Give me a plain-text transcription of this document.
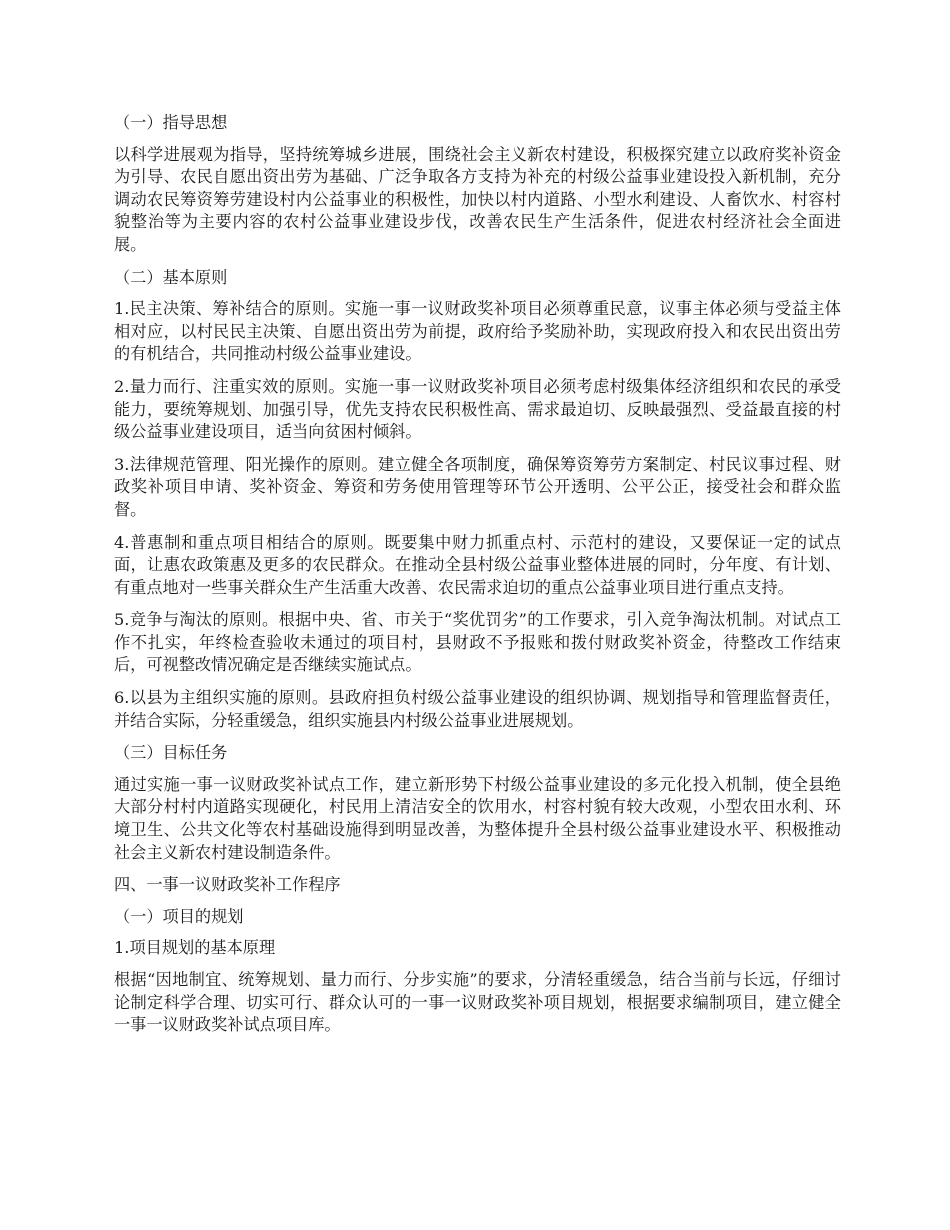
（一）指导思想

以科学进展观为指导，坚持统筹城乡进展，围绕社会主义新农村建设，积极探究建立以政府奖补资金为引导、农民自愿出资出劳为基础、广泛争取各方支持为补充的村级公益事业建设投入新机制，充分调动农民筹资筹劳建设村内公益事业的积极性，加快以村内道路、小型水利建设、人畜饮水、村容村貌整治等为主要内容的农村公益事业建设步伐，改善农民生产生活条件，促进农村经济社会全面进展。

（二）基本原则

1.民主决策、筹补结合的原则。实施一事一议财政奖补项目必须尊重民意，议事主体必须与受益主体相对应，以村民民主决策、自愿出资出劳为前提，政府给予奖励补助，实现政府投入和农民出资出劳的有机结合，共同推动村级公益事业建设。

2.量力而行、注重实效的原则。实施一事一议财政奖补项目必须考虑村级集体经济组织和农民的承受能力，要统筹规划、加强引导，优先支持农民积极性高、需求最迫切、反映最强烈、受益最直接的村级公益事业建设项目，适当向贫困村倾斜。

3.法律规范管理、阳光操作的原则。建立健全各项制度，确保筹资筹劳方案制定、村民议事过程、财政奖补项目申请、奖补资金、筹资和劳务使用管理等环节公开透明、公平公正，接受社会和群众监督。

4.普惠制和重点项目相结合的原则。既要集中财力抓重点村、示范村的建设，又要保证一定的试点面，让惠农政策惠及更多的农民群众。在推动全县村级公益事业整体进展的同时，分年度、有计划、有重点地对一些事关群众生产生活重大改善、农民需求迫切的重点公益事业项目进行重点支持。

5.竞争与淘汰的原则。根据中央、省、市关于“奖优罚劣”的工作要求，引入竞争淘汰机制。对试点工作不扎实，年终检查验收未通过的项目村，县财政不予报账和拨付财政奖补资金，待整改工作结束后，可视整改情况确定是否继续实施试点。

6.以县为主组织实施的原则。县政府担负村级公益事业建设的组织协调、规划指导和管理监督责任，并结合实际，分轻重缓急，组织实施县内村级公益事业进展规划。

（三）目标任务

通过实施一事一议财政奖补试点工作，建立新形势下村级公益事业建设的多元化投入机制，使全县绝大部分村村内道路实现硬化，村民用上清洁安全的饮用水，村容村貌有较大改观，小型农田水利、环境卫生、公共文化等农村基础设施得到明显改善，为整体提升全县村级公益事业建设水平、积极推动社会主义新农村建设制造条件。

四、一事一议财政奖补工作程序

（一）项目的规划

1.项目规划的基本原理

根据“因地制宜、统筹规划、量力而行、分步实施”的要求，分清轻重缓急，结合当前与长远，仔细讨论制定科学合理、切实可行、群众认可的一事一议财政奖补项目规划，根据要求编制项目，建立健全一事一议财政奖补试点项目库。
